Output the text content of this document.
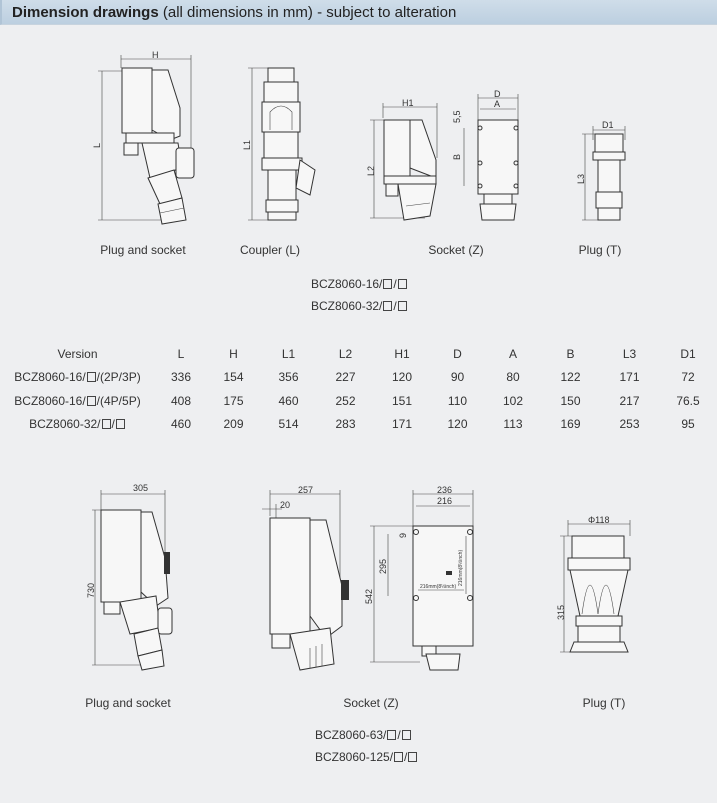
Dimension drawings (all dimensions in mm) - subject to alteration
H
L	L1
H1
L2
D
A
5,5
B
D1
L3
Plug and socket	Coupler (L)	Socket (Z)	Plug (T)
BCZ8060-16/ /
BCZ8060-32/ /
Version	L	H	L1	L2	H1	D	A	B	L3	D1
BCZ8060-16/ /(2P/3P)	336	154	356	227	120	90	80	122	171	72
BCZ8060-16/ /(4P/5P)	408	175	460	252	151	110	102	150	217	76.5
BCZ8060-32/ /	460	209	514	283	171	120	113	169	253	95
305
730
257
20
236
216
542
295
9
216mm(8½inch)
216mm(8½inch)
Φ118
315
Plug and socket	Socket (Z)	Plug (T)
BCZ8060-63/ /
BCZ8060-125/ /
